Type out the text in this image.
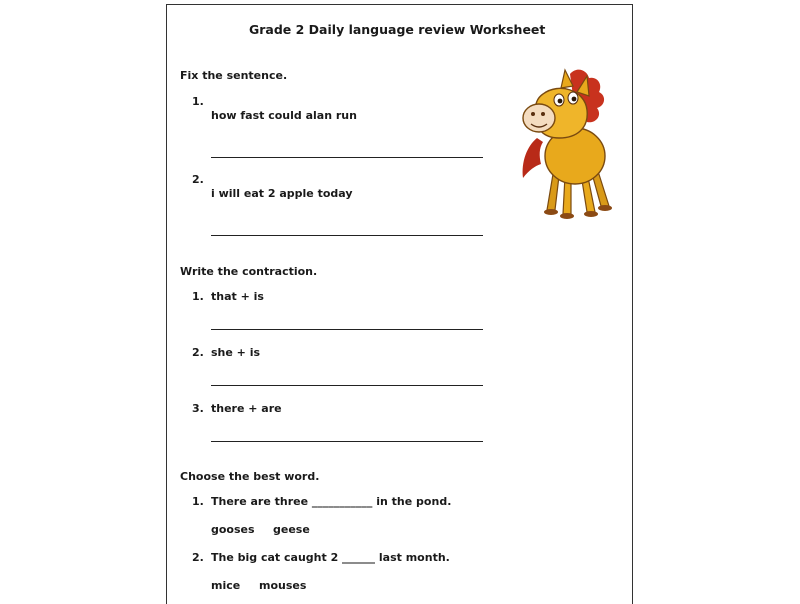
Grade 2 Daily language review Worksheet
Fix the sentence.
1.
how fast could alan run
2.
i will eat 2 apple today
Write the contraction.
1. that + is
2. she + is
3. there + are
Choose the best word.
1. There are three ___________ in the pond.
gooses geese
2. The big cat caught 2 ______ last month.
mice mouses
